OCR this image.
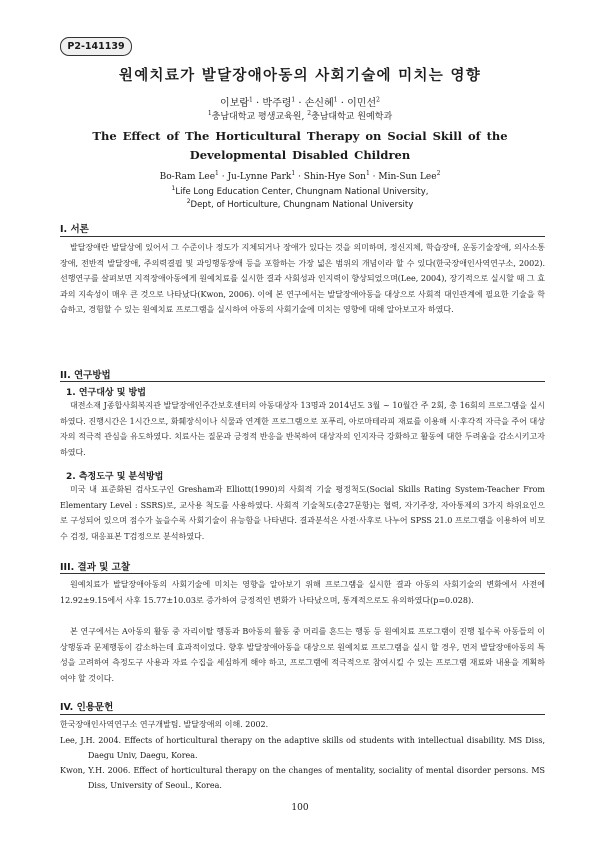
P2-141139
원예치료가 발달장애아동의 사회기술에 미치는 영향
이보람$^1$ · 박주령$^1$ · 손신혜$^1$ · 이민선$^2$
$^1$충남대학교 평생교육원, $^2$충남대학교 원예학과
The Effect of The Horticultural Therapy on Social Skill of the
Developmental Disabled Children
Bo-Ram Lee$^1$ · Ju-Lynne Park$^1$ · Shin-Hye Son$^1$ · Min-Sun Lee$^2$
$^1$Life Long Education Center, Chungnam National University,
$^2$Dept, of Horticulture, Chungnam National University
I. 서론
발달장애란 발달상에 있어서 그 수준이나 정도가 지체되거나 장애가 있다는 것을 의미하며, 정신지체, 학습장애, 운동기술장애, 의사소통장애, 전반적 발달장애, 주의력결핍 및 과잉행동장애 등을 포함하는 가장 넓은 범위의 개념이라 할 수 있다(한국장애인사역연구소, 2002). 선행연구를 살펴보면 지적장애아동에게 원예치료를 실시한 결과 사회성과 인지력이 향상되었으며(Lee, 2004), 장기적으로 실시할 때 그 효과의 지속성이 매우 큰 것으로 나타났다(Kwon, 2006). 이에 본 연구에서는 발달장애아동을 대상으로 사회적 대인관계에 필요한 기술을 학습하고, 경험할 수 있는 원예치료 프로그램을 실시하여 아동의 사회기술에 미치는 영향에 대해 알아보고자 하였다.
II. 연구방법
1. 연구대상 및 방법
대전소재 J종합사회복지관 발달장애인주간보호센터의 아동대상자 13명과 2014년도 3월 ~ 10월간 주 2회, 총 16회의 프로그램을 실시하였다. 진행시간은 1시간으로, 화훼장식이나 식물과 연계한 프로그램으로 포푸리, 아로마테라피 재료를 이용해 시·후각적 자극을 주어 대상자의 적극적 관심을 유도하였다. 치료사는 질문과 긍정적 반응을 반복하여 대상자의 인지자극 강화하고 활동에 대한 두려움을 감소시키고자 하였다.
2. 측정도구 및 분석방법
미국 내 표준화된 검사도구인 Gresham과 Elliott(1990)의 사회적 기술 평정척도(Social Skills Rating System-Teacher From Elementary Level : SSRS)로, 교사용 척도를 사용하였다. 사회적 기술척도(총27문항)는 협력, 자기주장, 자아통제의 3가지 하위요인으로 구성되어 있으며 점수가 높을수록 사회기술이 유능함을 나타낸다. 결과분석은 사전·사후로 나누어 SPSS 21.0 프로그램을 이용하여 비모수 검정, 대응표본 T검정으로 분석하였다.
III. 결과 및 고찰
원예치료가 발달장애아동의 사회기술에 미치는 영향을 알아보기 위해 프로그램을 실시한 결과 아동의 사회기술의 변화에서 사전에 12.92±9.15에서 사후 15.77±10.03로 증가하여 긍정적인 변화가 나타났으며, 통계적으로도 유의하였다(p=0.028).
본 연구에서는 A아동의 활동 중 자리이탈 행동과 B아동의 활동 중 머리를 흔드는 행동 등 원예치료 프로그램이 진행 될수록 아동들의 이상행동과 문제행동이 감소하는데 효과적이었다. 향후 발달장애아동을 대상으로 원예치료 프로그램을 실시 할 경우, 먼저 발달장애아동의 특성을 고려하여 측정도구 사용과 자료 수집을 세심하게 해야 하고, 프로그램에 적극적으로 참여시킬 수 있는 프로그램 재료와 내용을 계획하여야 할 것이다.
IV. 인용문헌
한국장애인사역연구소 연구개발팀. 발달장애의 이해. 2002.
Lee, J.H. 2004. Effects of horticultural therapy on the adaptive skills od students with intellectual disability. MS Diss, Daegu Univ, Daegu, Korea.
Kwon, Y.H. 2006. Effect of horticultural therapy on the changes of mentality, sociality of mental disorder persons. MS Diss, University of Seoul., Korea.
100
